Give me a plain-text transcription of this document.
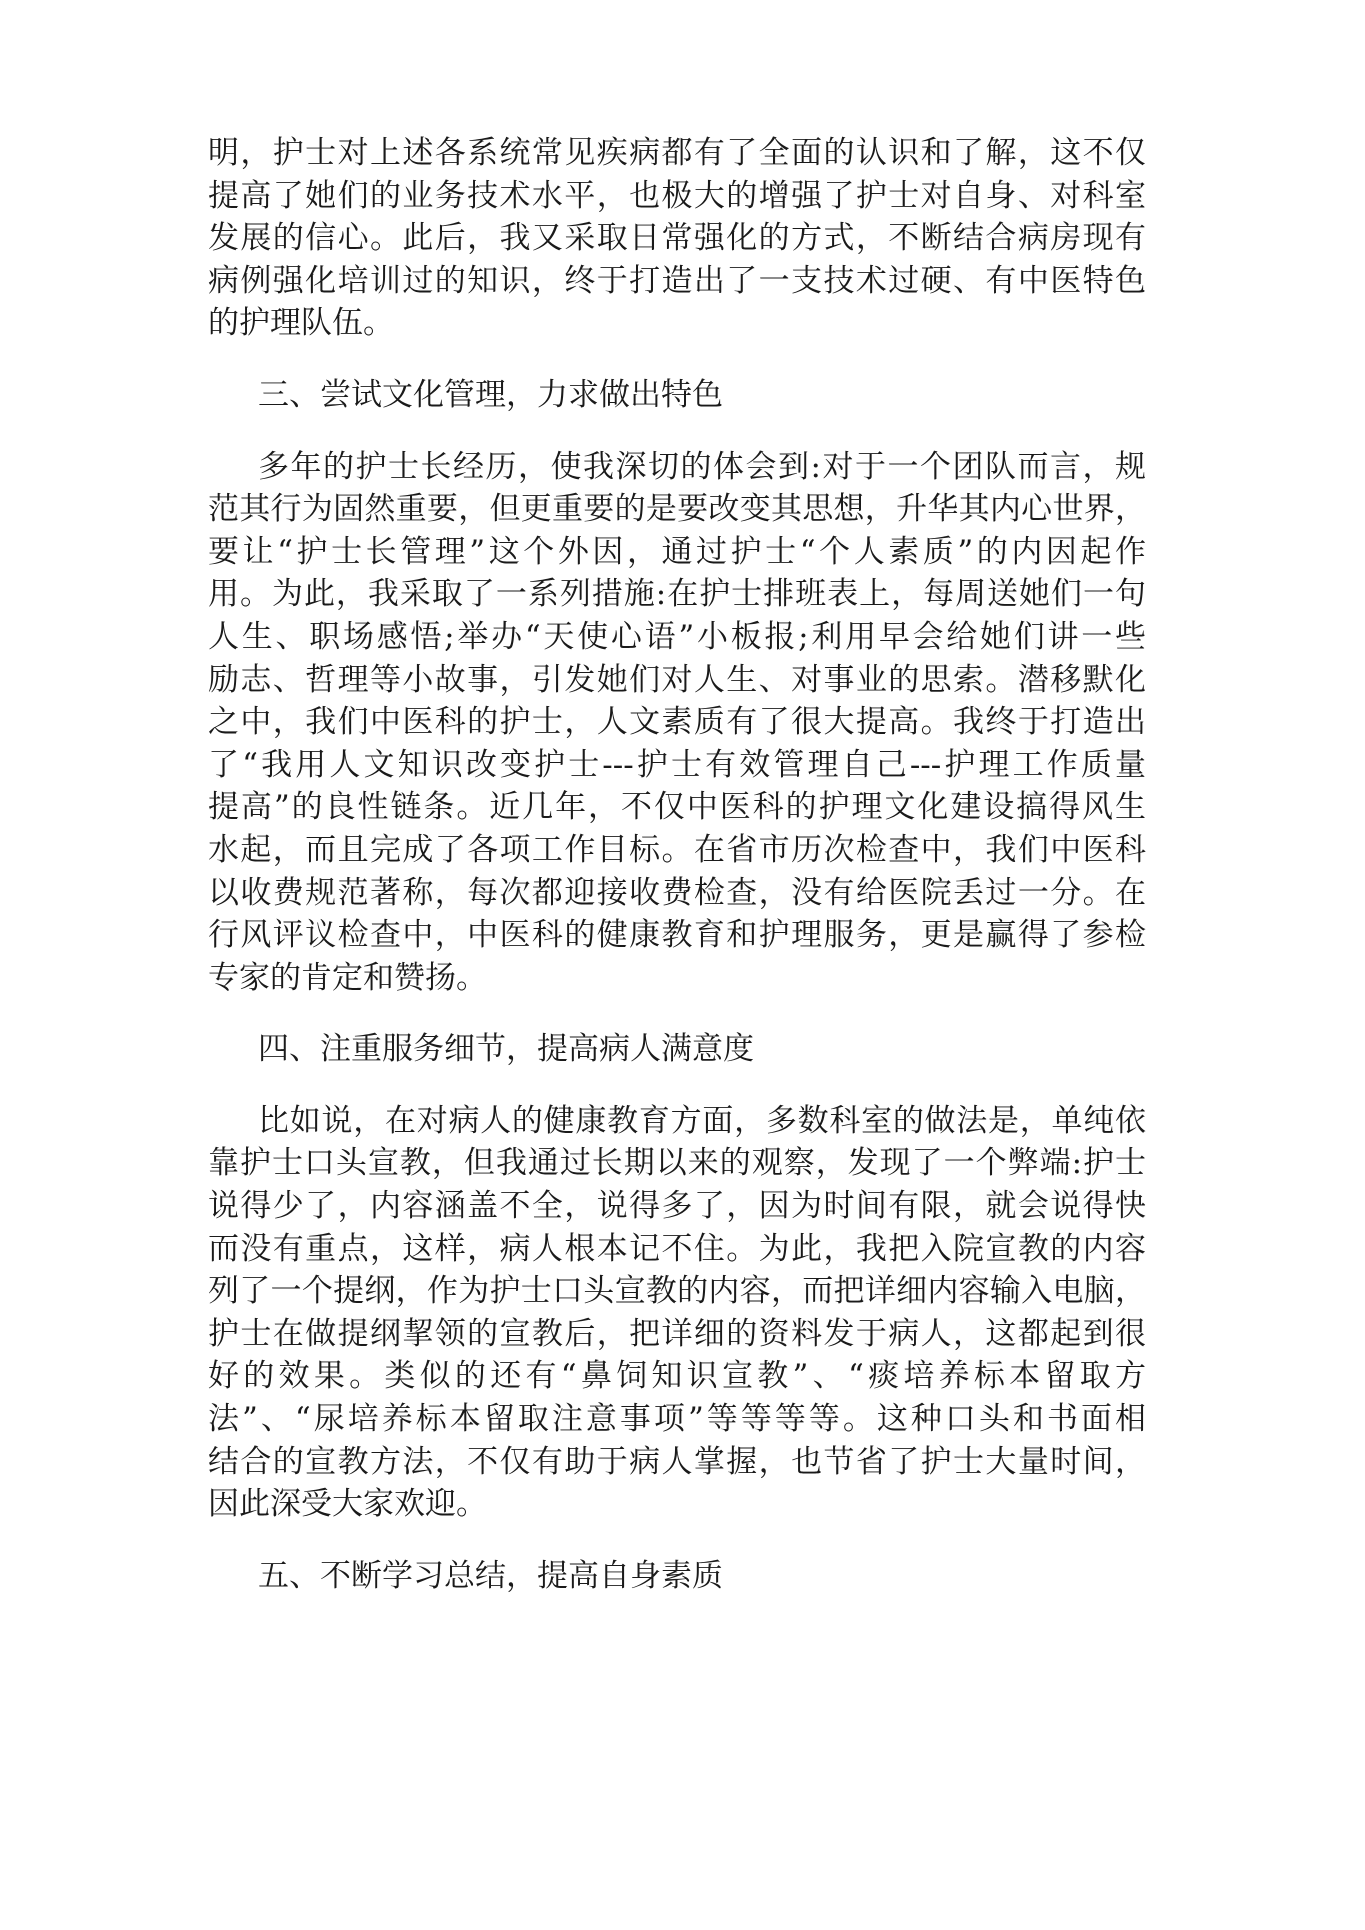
明，护士对上述各系统常见疾病都有了全面的认识和了解，这不仅
提高了她们的业务技术水平，也极大的增强了护士对自身、对科室
发展的信心。此后，我又采取日常强化的方式，不断结合病房现有
病例强化培训过的知识，终于打造出了一支技术过硬、有中医特色
的护理队伍。
三、尝试文化管理，力求做出特色
多年的护士长经历，使我深切的体会到:对于一个团队而言，规
范其行为固然重要，但更重要的是要改变其思想，升华其内心世界，
要让“护士长管理”这个外因，通过护士“个人素质”的内因起作
用。为此，我采取了一系列措施:在护士排班表上，每周送她们一句
人生、职场感悟;举办“天使心语”小板报;利用早会给她们讲一些
励志、哲理等小故事，引发她们对人生、对事业的思索。潜移默化
之中，我们中医科的护士，人文素质有了很大提高。我终于打造出
了“我用人文知识改变护士---护士有效管理自己---护理工作质量
提高”的良性链条。近几年，不仅中医科的护理文化建设搞得风生
水起，而且完成了各项工作目标。在省市历次检查中，我们中医科
以收费规范著称，每次都迎接收费检查，没有给医院丢过一分。在
行风评议检查中，中医科的健康教育和护理服务，更是赢得了参检
专家的肯定和赞扬。
四、注重服务细节，提高病人满意度
比如说，在对病人的健康教育方面，多数科室的做法是，单纯依
靠护士口头宣教，但我通过长期以来的观察，发现了一个弊端:护士
说得少了，内容涵盖不全，说得多了，因为时间有限，就会说得快
而没有重点，这样，病人根本记不住。为此，我把入院宣教的内容
列了一个提纲，作为护士口头宣教的内容，而把详细内容输入电脑，
护士在做提纲挈领的宣教后，把详细的资料发于病人，这都起到很
好的效果。类似的还有“鼻饲知识宣教”、“痰培养标本留取方
法”、“尿培养标本留取注意事项”等等等等。这种口头和书面相
结合的宣教方法，不仅有助于病人掌握，也节省了护士大量时间，
因此深受大家欢迎。
五、不断学习总结，提高自身素质
